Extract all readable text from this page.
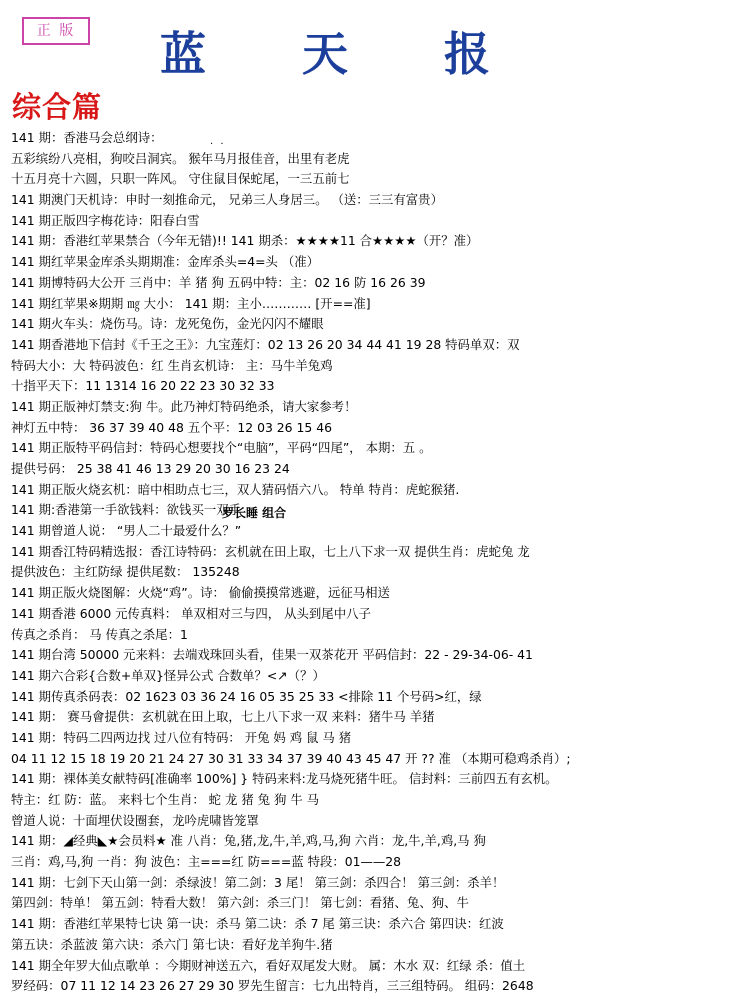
正 版	蓝 天 报
综合篇
· ·
141 期：香港马会总纲诗：
五彩缤纷八亮相，狗咬吕洞宾。 猴年马月报佳音，出里有老虎
十五月亮十六圆，只职一阵风。 守住鼠目保蛇尾，一三五前七
141 期澳门天机诗：申时一刻推命元， 兄弟三人身居三。 （送：三三有富贵）
141 期正版四字梅花诗：阳春白雪
141 期：香港红苹果禁合（今年无错)!! 141 期杀：★★★★11 合★★★★（开？准）
141 期红苹果金库杀头期期准：金库杀头=4=头 （准）
141 期博特码大公开 三肖中：羊 猪 狗 五码中特：主：02 16 防 16 26 39
141 期红苹果※期期 ㎎ 大小： 141 期：主小………… [开==准]
141 期火车头：烧伤马。诗：龙死兔伤，金光闪闪不耀眼
141 期香港地下信封《千王之王》：九宝莲灯：02 13 26 20 34 44 41 19 28 特码单双：双
特码大小：大 特码波色：红 生肖玄机诗： 主：马牛羊兔鸡
十指平天下：11 1314 16 20 22 23 30 32 33
141 期正版神灯禁支:狗 牛。此乃神灯特码绝杀，请大家参考！
神灯五中特： 36 37 39 40 48 五个平：12 03 26 15 46
141 期正版特平码信封：特码心想要找个“电脑”，平码“四尾”， 本期：五 。
提供号码： 25 38 41 46 13 29 20 30 16 23 24
141 期正版火烧玄机：暗中相助点七三，双人猜码悟六八。 特单 特肖：虎蛇猴猪.
141 期:香港第一手欲钱料：欲钱买一双手
141 期曾道人说： “男人二十最爱什么？”
141 期香江特码精选报：香江诗特码：玄机就在田上取，七上八下求一双 提供生肖：虎蛇兔 龙
提供波色：主红防绿 提供尾数： 135248
141 期正版火烧图解：火烧“鸡”。诗： 偷偷摸摸常逃避，远征马相送
141 期香港 6000 元传真料： 单双相对三与四， 从头到尾中八子
传真之杀肖： 马 传真之杀尾：1
141 期台湾 50000 元来料：去端戏珠回头看，佳果一双茶花开 平码信封：22 - 29-34-06- 41
141 期六合彩{合数+单双}怪异公式 合数单？<↗（？）
141 期传真杀码表：02 1623 03 36 24 16 05 35 25 33 <排除 11 个号码>红，绿
141 期： 赛马會提供：玄机就在田上取，七上八下求一双 来料：猪牛马 羊猪
141 期：特码二四两边找 过八位有特码： 开兔 妈 鸡 鼠 马 猪
04 11 12 15 18 19 20 21 24 27 30 31 33 34 37 39 40 43 45 47 开 ?? 准 （本期可稳鸡杀肖）;
141 期：裸体美女献特码[准确率 100%] } 特码来料:龙马烧死猪牛旺。 信封料：三前四五有玄机。
特主：红 防：蓝。 来料七个生肖： 蛇 龙 猪 兔 狗 牛 马
曾道人说：十面埋伏设圈套，龙吟虎啸皆笼罩
141 期：◢经典◣★会员料★ 准 八肖：兔,猪,龙,牛,羊,鸡,马,狗 六肖：龙,牛,羊,鸡,马 狗
三肖：鸡,马,狗 一肖：狗 波色：主===红 防===蓝 特段：01——28
141 期：七剑下天山第一剑：杀绿波！第二剑：3 尾！ 第三剑：杀四合！ 第三剑：杀羊！
第四剑：特单！ 第五剑：特看大数！ 第六剑：杀三门！ 第七剑：看猪、兔、狗、牛
141 期：香港红苹果特七诀 第一诀：杀马 第二诀：杀 7 尾 第三诀：杀六合 第四诀：红波
第五诀：杀蓝波 第六诀：杀六门 第七诀：看好龙羊狗牛.猪
141 期全年罗大仙点歌单 ：今期财神送五六，看好双尾发大财。 属：木水 双：红绿 杀：值土
罗经码：07 11 12 14 23 26 27 29 30 罗先生留言：七九出特肖，三三组特码。 组码：2648
罗长睡 组合
